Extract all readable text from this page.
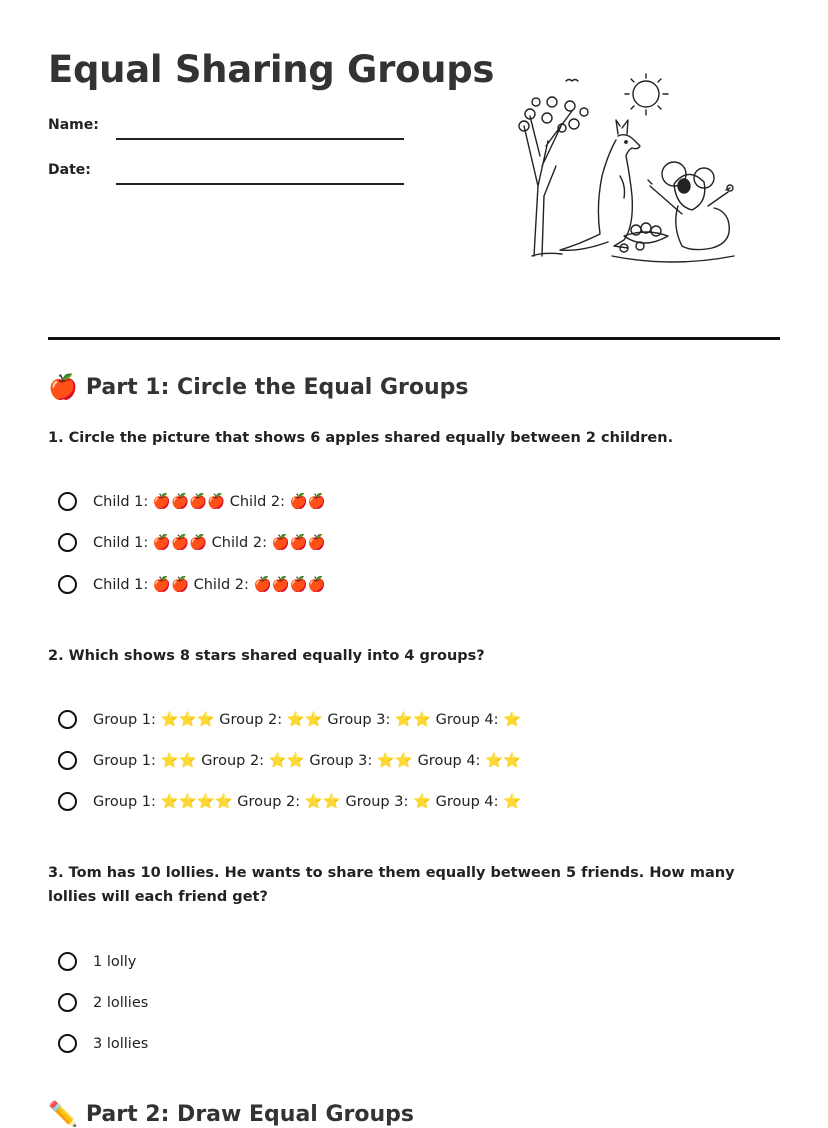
Equal Sharing Groups
Name:
Date:
🍎 Part 1: Circle the Equal Groups

1. Circle the picture that shows 6 apples shared equally between 2 children.

Child 1: 🍎🍎🍎🍎 Child 2: 🍎🍎
Child 1: 🍎🍎🍎 Child 2: 🍎🍎🍎
Child 1: 🍎🍎 Child 2: 🍎🍎🍎🍎

2. Which shows 8 stars shared equally into 4 groups?

Group 1: ⭐⭐⭐ Group 2: ⭐⭐ Group 3: ⭐⭐ Group 4: ⭐
Group 1: ⭐⭐ Group 2: ⭐⭐ Group 3: ⭐⭐ Group 4: ⭐⭐
Group 1: ⭐⭐⭐⭐ Group 2: ⭐⭐ Group 3: ⭐ Group 4: ⭐

3. Tom has 10 lollies. He wants to share them equally between 5 friends. How many lollies will each friend get?

1 lolly
2 lollies
3 lollies
✏️ Part 2: Draw Equal Groups
